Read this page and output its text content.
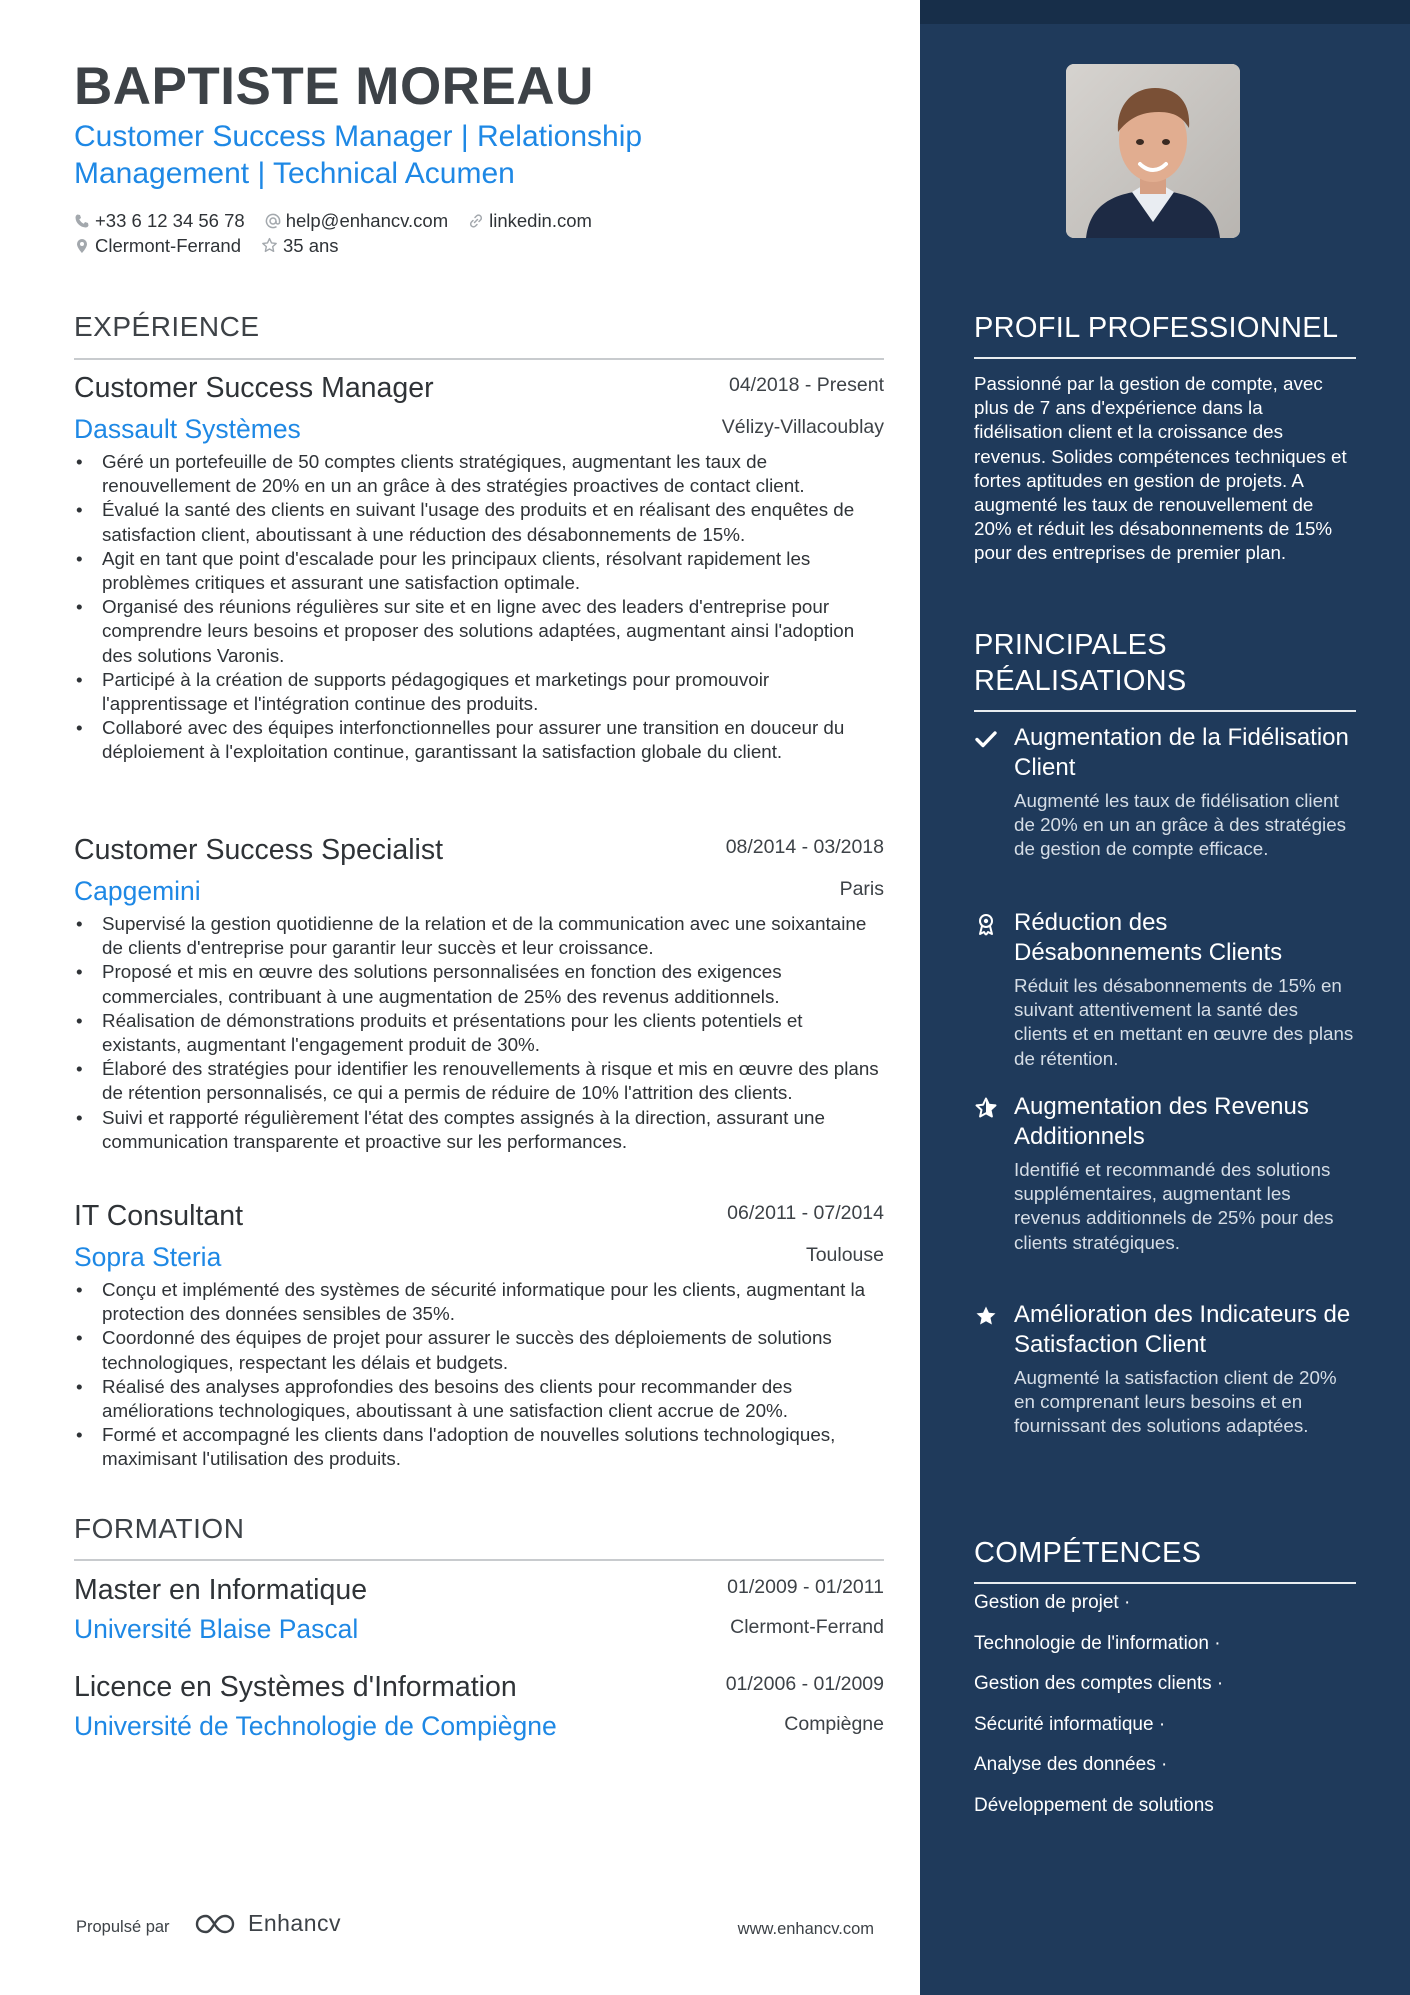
BAPTISTE MOREAU
Customer Success Manager | Relationship Management | Technical Acumen
+33 6 12 34 56 78 help@enhancv.com linkedin.com
Clermont-Ferrand 35 ans
EXPÉRIENCE
Customer Success Manager	04/2018 - Present
Dassault Systèmes	Vélizy-Villacoublay
• Géré un portefeuille de 50 comptes clients stratégiques, augmentant les taux de renouvellement de 20% en un an grâce à des stratégies proactives de contact client.
• Évalué la santé des clients en suivant l'usage des produits et en réalisant des enquêtes de satisfaction client, aboutissant à une réduction des désabonnements de 15%.
• Agit en tant que point d'escalade pour les principaux clients, résolvant rapidement les problèmes critiques et assurant une satisfaction optimale.
• Organisé des réunions régulières sur site et en ligne avec des leaders d'entreprise pour comprendre leurs besoins et proposer des solutions adaptées, augmentant ainsi l'adoption des solutions Varonis.
• Participé à la création de supports pédagogiques et marketings pour promouvoir l'apprentissage et l'intégration continue des produits.
• Collaboré avec des équipes interfonctionnelles pour assurer une transition en douceur du déploiement à l'exploitation continue, garantissant la satisfaction globale du client.
Customer Success Specialist	08/2014 - 03/2018
Capgemini	Paris
• Supervisé la gestion quotidienne de la relation et de la communication avec une soixantaine de clients d'entreprise pour garantir leur succès et leur croissance.
• Proposé et mis en œuvre des solutions personnalisées en fonction des exigences commerciales, contribuant à une augmentation de 25% des revenus additionnels.
• Réalisation de démonstrations produits et présentations pour les clients potentiels et existants, augmentant l'engagement produit de 30%.
• Élaboré des stratégies pour identifier les renouvellements à risque et mis en œuvre des plans de rétention personnalisés, ce qui a permis de réduire de 10% l'attrition des clients.
• Suivi et rapporté régulièrement l'état des comptes assignés à la direction, assurant une communication transparente et proactive sur les performances.
IT Consultant	06/2011 - 07/2014
Sopra Steria	Toulouse
• Conçu et implémenté des systèmes de sécurité informatique pour les clients, augmentant la protection des données sensibles de 35%.
• Coordonné des équipes de projet pour assurer le succès des déploiements de solutions technologiques, respectant les délais et budgets.
• Réalisé des analyses approfondies des besoins des clients pour recommander des améliorations technologiques, aboutissant à une satisfaction client accrue de 20%.
• Formé et accompagné les clients dans l'adoption de nouvelles solutions technologiques, maximisant l'utilisation des produits.
FORMATION
Master en Informatique	01/2009 - 01/2011
Université Blaise Pascal	Clermont-Ferrand
Licence en Systèmes d'Information	01/2006 - 01/2009
Université de Technologie de Compiègne	Compiègne
Propulsé par	Enhancv	www.enhancv.com
PROFIL PROFESSIONNEL
Passionné par la gestion de compte, avec plus de 7 ans d'expérience dans la fidélisation client et la croissance des revenus. Solides compétences techniques et fortes aptitudes en gestion de projets. A augmenté les taux de renouvellement de 20% et réduit les désabonnements de 15% pour des entreprises de premier plan.
PRINCIPALES RÉALISATIONS
Augmentation de la Fidélisation Client
Augmenté les taux de fidélisation client de 20% en un an grâce à des stratégies de gestion de compte efficace.
Réduction des Désabonnements Clients
Réduit les désabonnements de 15% en suivant attentivement la santé des clients et en mettant en œuvre des plans de rétention.
Augmentation des Revenus Additionnels
Identifié et recommandé des solutions supplémentaires, augmentant les revenus additionnels de 25% pour des clients stratégiques.
Amélioration des Indicateurs de Satisfaction Client
Augmenté la satisfaction client de 20% en comprenant leurs besoins et en fournissant des solutions adaptées.
COMPÉTENCES
Gestion de projet ·
Technologie de l'information ·
Gestion des comptes clients ·
Sécurité informatique ·
Analyse des données ·
Développement de solutions
